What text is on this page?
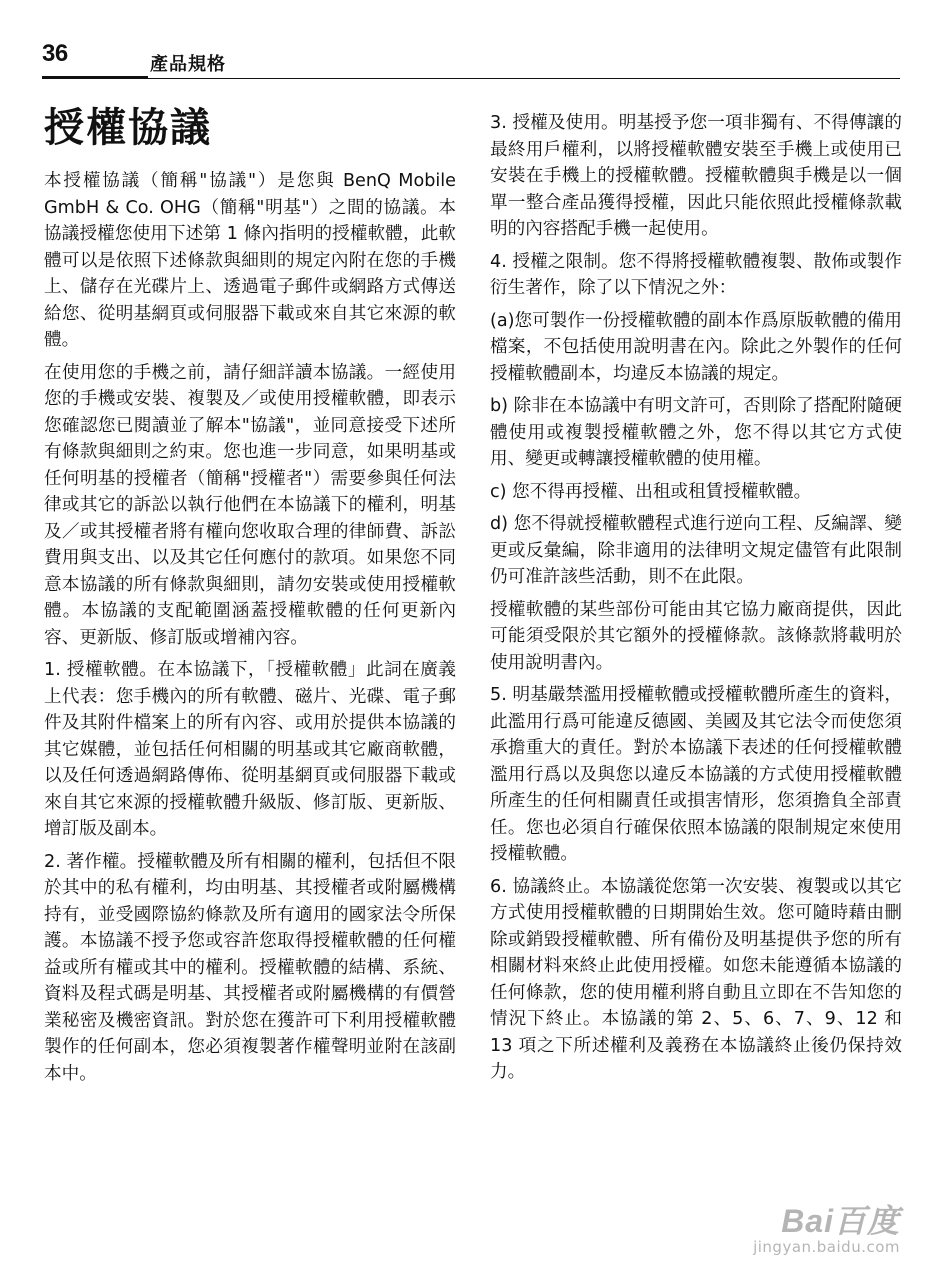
36	產品規格
授權協議

本授權協議（簡稱"協議"）是您與 BenQ Mobile GmbH & Co. OHG（簡稱"明基"）之間的協議。本協議授權您使用下述第 1 條內指明的授權軟體，此軟體可以是依照下述條款與細則的規定內附在您的手機上、儲存在光碟片上、透過電子郵件或網路方式傳送給您、從明基網頁或伺服器下載或來自其它來源的軟體。

在使用您的手機之前，請仔細詳讀本協議。一經使用您的手機或安裝、複製及／或使用授權軟體，即表示您確認您已閱讀並了解本"協議"，並同意接受下述所有條款與細則之約束。您也進一步同意，如果明基或任何明基的授權者（簡稱"授權者"）需要參與任何法律或其它的訴訟以執行他們在本協議下的權利，明基及／或其授權者將有權向您收取合理的律師費、訴訟費用與支出、以及其它任何應付的款項。如果您不同意本協議的所有條款與細則，請勿安裝或使用授權軟體。本協議的支配範圍涵蓋授權軟體的任何更新內容、更新版、修訂版或增補內容。

1. 授權軟體。在本協議下，「授權軟體」此詞在廣義上代表：您手機內的所有軟體、磁片、光碟、電子郵件及其附件檔案上的所有內容、或用於提供本協議的其它媒體，並包括任何相關的明基或其它廠商軟體，以及任何透過網路傳佈、從明基網頁或伺服器下載或來自其它來源的授權軟體升級版、修訂版、更新版、增訂版及副本。

2. 著作權。授權軟體及所有相關的權利，包括但不限於其中的私有權利，均由明基、其授權者或附屬機構持有，並受國際協約條款及所有適用的國家法令所保護。本協議不授予您或容許您取得授權軟體的任何權益或所有權或其中的權利。授權軟體的結構、系統、資料及程式碼是明基、其授權者或附屬機構的有價營業秘密及機密資訊。對於您在獲許可下利用授權軟體製作的任何副本，您必須複製著作權聲明並附在該副本中。

3. 授權及使用。明基授予您一項非獨有、不得傳讓的最終用戶權利，以將授權軟體安裝至手機上或使用已安裝在手機上的授權軟體。授權軟體與手機是以一個單一整合產品獲得授權，因此只能依照此授權條款載明的內容搭配手機一起使用。

4. 授權之限制。您不得將授權軟體複製、散佈或製作衍生著作，除了以下情況之外：

(a)您可製作一份授權軟體的副本作爲原版軟體的備用檔案，不包括使用說明書在內。除此之外製作的任何授權軟體副本，均違反本協議的規定。

b) 除非在本協議中有明文許可，否則除了搭配附隨硬體使用或複製授權軟體之外，您不得以其它方式使用、變更或轉讓授權軟體的使用權。

c) 您不得再授權、出租或租賃授權軟體。

d) 您不得就授權軟體程式進行逆向工程、反編譯、變更或反彙編，除非適用的法律明文規定儘管有此限制仍可准許該些活動，則不在此限。

授權軟體的某些部份可能由其它協力廠商提供，因此可能須受限於其它額外的授權條款。該條款將載明於使用說明書內。

5. 明基嚴禁濫用授權軟體或授權軟體所產生的資料，此濫用行爲可能違反德國、美國及其它法令而使您須承擔重大的責任。對於本協議下表述的任何授權軟體濫用行爲以及與您以違反本協議的方式使用授權軟體所產生的任何相關責任或損害情形，您須擔負全部責任。您也必須自行確保依照本協議的限制規定來使用授權軟體。

6. 協議終止。本協議從您第一次安裝、複製或以其它方式使用授權軟體的日期開始生效。您可隨時藉由刪除或銷毀授權軟體、所有備份及明基提供予您的所有相關材料來終止此使用授權。如您未能遵循本協議的任何條款，您的使用權利將自動且立即在不告知您的情況下終止。本協議的第 2、5、6、7、9、12 和 13 項之下所述權利及義務在本協議終止後仍保持效力。

Bai百度
jingyan.baidu.com
